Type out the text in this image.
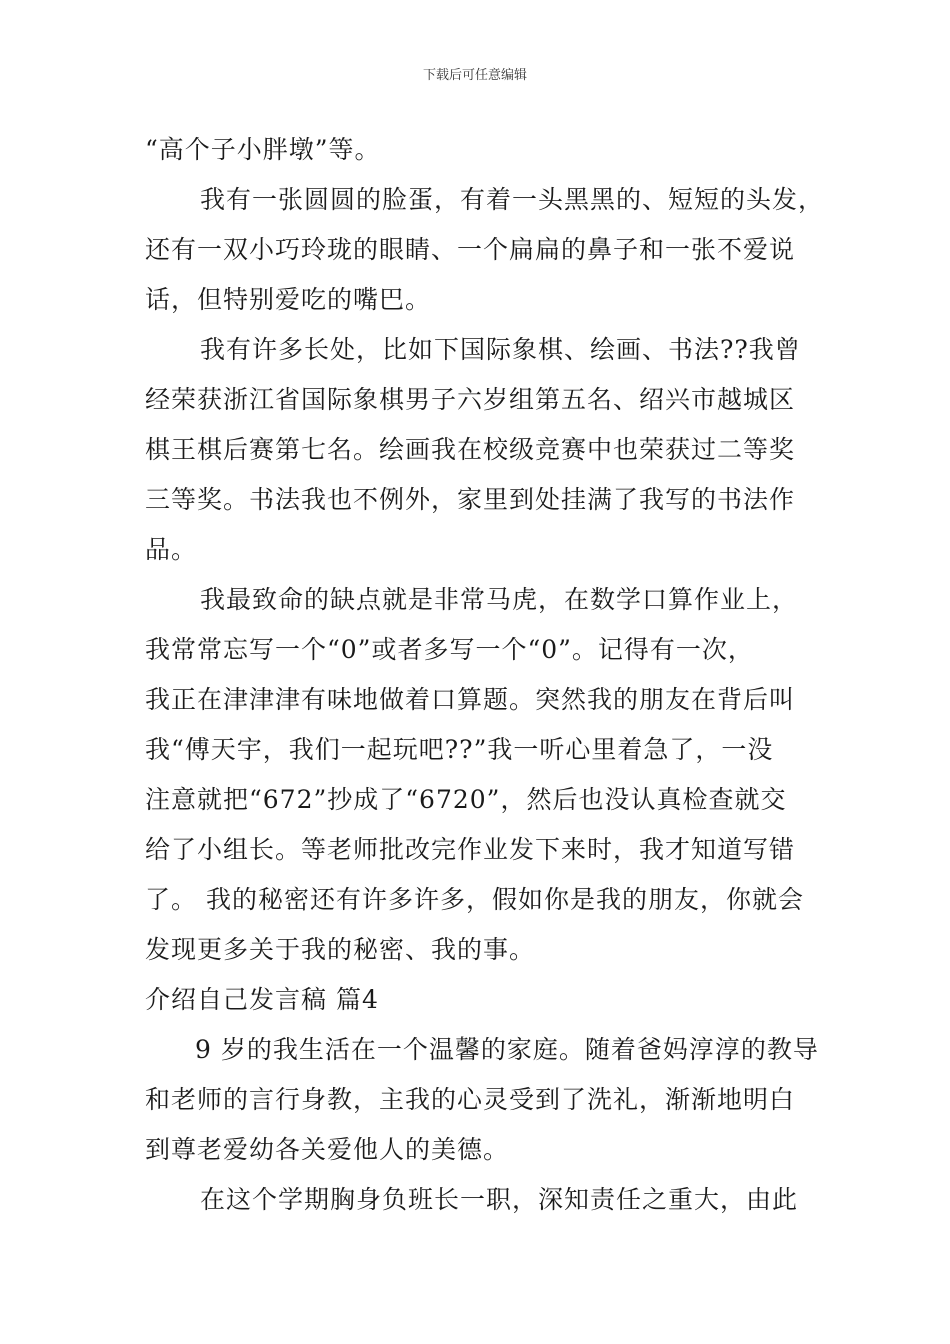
下载后可任意编辑
“高个子小胖墩”等。
我有一张圆圆的脸蛋，有着一头黑黑的、短短的头发，
还有一双小巧玲珑的眼睛、一个扁扁的鼻子和一张不爱说
话，但特别爱吃的嘴巴。
我有许多长处，比如下国际象棋、绘画、书法??我曾
经荣获浙江省国际象棋男子六岁组第五名、绍兴市越城区
棋王棋后赛第七名。绘画我在校级竞赛中也荣获过二等奖
三等奖。书法我也不例外，家里到处挂满了我写的书法作
品。
我最致命的缺点就是非常马虎，在数学口算作业上，
我常常忘写一个“0”或者多写一个“0”。记得有一次，
我正在津津津有味地做着口算题。突然我的朋友在背后叫
我“傅天宇，我们一起玩吧??”我一听心里着急了，一没
注意就把“672”抄成了“6720”，然后也没认真检查就交
给了小组长。等老师批改完作业发下来时，我才知道写错
了。 我的秘密还有许多许多，假如你是我的朋友，你就会
发现更多关于我的秘密、我的事。
介绍自己发言稿 篇4
9 岁的我生活在一个温馨的家庭。随着爸妈淳淳的教导
和老师的言行身教，主我的心灵受到了洗礼，渐渐地明白
到尊老爱幼各关爱他人的美德。
在这个学期胸身负班长一职，深知责任之重大，由此
